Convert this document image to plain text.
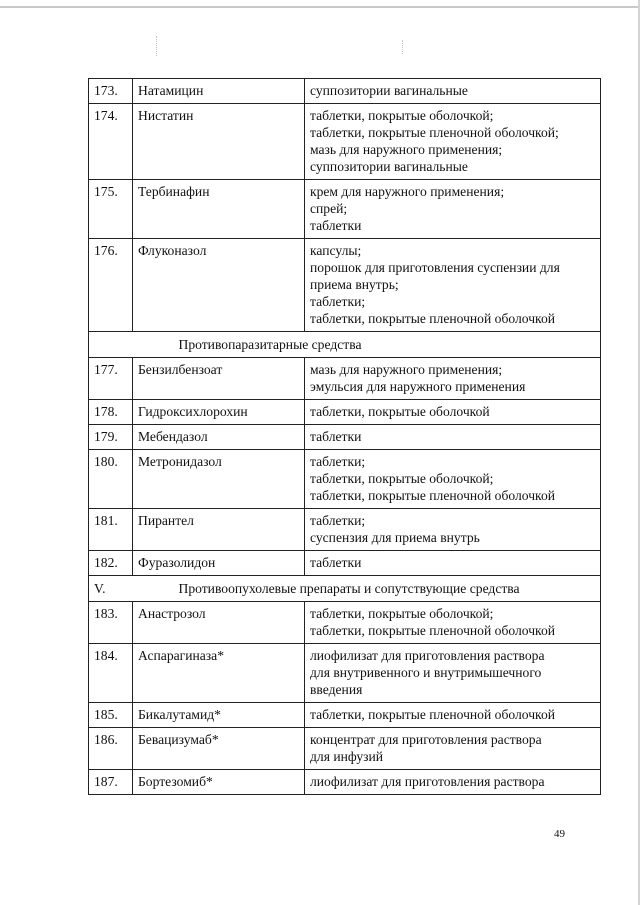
173.	Натамицин	суппозитории вагинальные

174.	Нистатин	таблетки, покрытые оболочкой;
таблетки, покрытые пленочной оболочкой;
мазь для наружного применения;
суппозитории вагинальные

175.	Тербинафин	крем для наружного применения;
спрей;
таблетки

176.	Флуконазол	капсулы;
порошок для приготовления суспензии для
приема внутрь;
таблетки;
таблетки, покрытые пленочной оболочкой

	Противопаразитарные средства	
177.	Бензилбензоат	мазь для наружного применения;
эмульсия для наружного применения

178.	Гидроксихлорохин	таблетки, покрытые оболочкой

179.	Мебендазол	таблетки

180.	Метронидазол	таблетки;
таблетки, покрытые оболочкой;
таблетки, покрытые пленочной оболочкой

181.	Пирантел	таблетки;
суспензия для приема внутрь

182.	Фуразолидон	таблетки

V.	Противоопухолевые препараты и сопутствующие средства	
183.	Анастрозол	таблетки, покрытые оболочкой;
таблетки, покрытые пленочной оболочкой

184.	Аспарагиназа*	лиофилизат для приготовления раствора
для внутривенного и внутримышечного
введения

185.	Бикалутамид*	таблетки, покрытые пленочной оболочкой

186.	Бевацизумаб*	концентрат для приготовления раствора
для инфузий

187.	Бортезомиб*	лиофилизат для приготовления раствора
49
